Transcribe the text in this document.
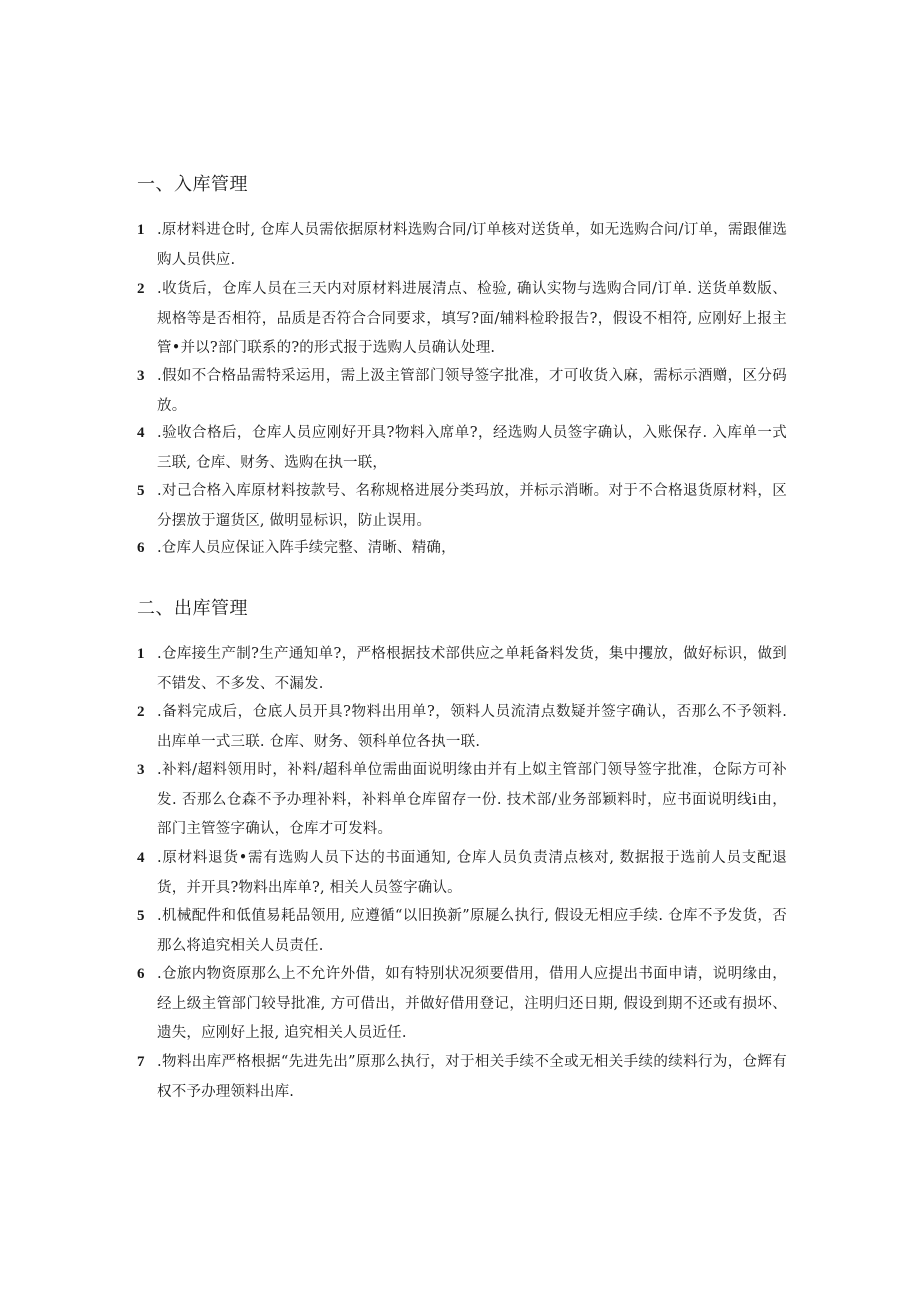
一、入库管理
1 .原材料进仓时, 仓库人员需依据原材料选购合同/订单核对送货单，如无选购合问/订单，需跟催选购人员供应.
2 .收货后，仓库人员在三天内对原材料进展清点、检验, 确认实物与选购合同/订单. 送货单数版、规格等是否相符，品质是否符合合同要求，填写?面/辅料检聆报告?，假设不相符, 应刚好上报主管•并以?部门联系的?的形式报于选购人员确认处理.
3 .假如不合格品需特采运用，需上汲主管部门领导签字批准，才可收货入麻，需标示酒赠，区分码放。
4 .验收合格后，仓库人员应刚好开具?物料入席单?，经选购人员签字确认，入账保存. 入库单一式三联, 仓库、财务、选购在执一联，
5 .对己合格入库原材料按款号、名称规格进展分类玛放，并标示消晰。对于不合格退货原材料，区分摆放于遛货区, 做明显标识，防止误用。
6 .仓库人员应保证入阵手续完整、清晰、精确，
二、出库管理
1 .仓库接生产制?生产通知单?，严格根据技术部供应之单耗备料发货，集中攫放，做好标识，做到不错发、不多发、不漏发.
2 .备料完成后，仓底人员开具?物料出用单?，领料人员流清点数疑并签字确认，否那么不予领料. 出库单一式三联. 仓库、财务、领科单位各执一联.
3 .补料/超料领用时，补料/超科单位需曲面说明缘由并有上姒主管部门领导签字批准，仓际方可补发. 否那么仓森不予办理补料，补料单仓库留存一份. 技术部/业务部颖料时，应书面说明线i由，部门主管签字确认，仓库才可发料。
4 .原材料退货•需有选购人员下达的书面通知, 仓库人员负责清点核对, 数据报于选前人员支配退货，并开具?物料出库单?, 相关人员签字确认。
5 .机械配件和低值易耗品领用, 应遵循“以旧换新”原屣么执行, 假设无相应手续. 仓库不予发货，否那么将追究相关人员责任.
6 .仓旅内物资原那么上不允许外借，如有特别状况须要借用，借用人应提出书面申请，说明缘由，经上级主管部门较导批准, 方可借出，并做好借用登记，注明归还日期, 假设到期不还或有损坏、遗失，应刚好上报, 追究相关人员近任.
7 .物料出库严格根据“先进先出”原那么执行，对于相关手续不全或无相关手续的续料行为，仓辉有权不予办理领料出库.
